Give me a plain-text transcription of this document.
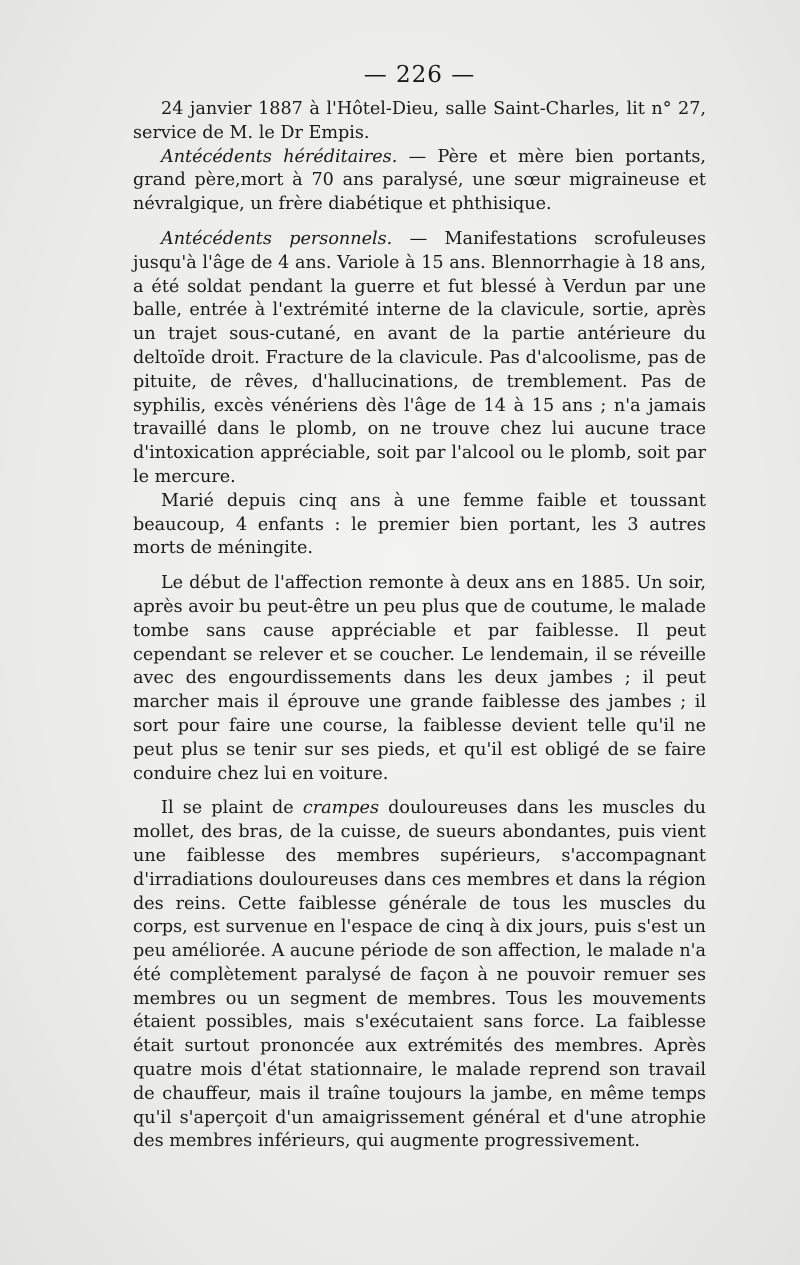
— 226 —

24 janvier 1887 à l'Hôtel-Dieu, salle Saint-Charles, lit n° 27, service de M. le Dr Empis.

Antécédents héréditaires. — Père et mère bien portants, grand père,mort à 70 ans paralysé, une sœur migraineuse et névralgique, un frère diabétique et phthisique.

Antécédents personnels. — Manifestations scrofuleuses jusqu'à l'âge de 4 ans. Variole à 15 ans. Blennorrhagie à 18 ans, a été soldat pendant la guerre et fut blessé à Verdun par une balle, entrée à l'extrémité interne de la clavicule, sortie, après un trajet sous-cutané, en avant de la partie antérieure du deltoïde droit. Fracture de la clavicule. Pas d'alcoolisme, pas de pituite, de rêves, d'hallucinations, de tremblement. Pas de syphilis, excès vénériens dès l'âge de 14 à 15 ans ; n'a jamais travaillé dans le plomb, on ne trouve chez lui aucune trace d'intoxication appréciable, soit par l'alcool ou le plomb, soit par le mercure.

Marié depuis cinq ans à une femme faible et toussant beaucoup, 4 enfants : le premier bien portant, les 3 autres morts de méningite.

Le début de l'affection remonte à deux ans en 1885. Un soir, après avoir bu peut-être un peu plus que de coutume, le malade tombe sans cause appréciable et par faiblesse. Il peut cependant se relever et se coucher. Le lendemain, il se réveille avec des engourdissements dans les deux jambes ; il peut marcher mais il éprouve une grande faiblesse des jambes ; il sort pour faire une course, la faiblesse devient telle qu'il ne peut plus se tenir sur ses pieds, et qu'il est obligé de se faire conduire chez lui en voiture.

Il se plaint de crampes douloureuses dans les muscles du mollet, des bras, de la cuisse, de sueurs abondantes, puis vient une faiblesse des membres supérieurs, s'accompagnant d'irradiations douloureuses dans ces membres et dans la région des reins. Cette faiblesse générale de tous les muscles du corps, est survenue en l'espace de cinq à dix jours, puis s'est un peu améliorée. A aucune période de son affection, le malade n'a été complètement paralysé de façon à ne pouvoir remuer ses membres ou un segment de membres. Tous les mouvements étaient possibles, mais s'exécutaient sans force. La faiblesse était surtout prononcée aux extrémités des membres. Après quatre mois d'état stationnaire, le malade reprend son travail de chauffeur, mais il traîne toujours la jambe, en même temps qu'il s'aperçoit d'un amaigrissement général et d'une atrophie des membres inférieurs, qui augmente progressivement.
